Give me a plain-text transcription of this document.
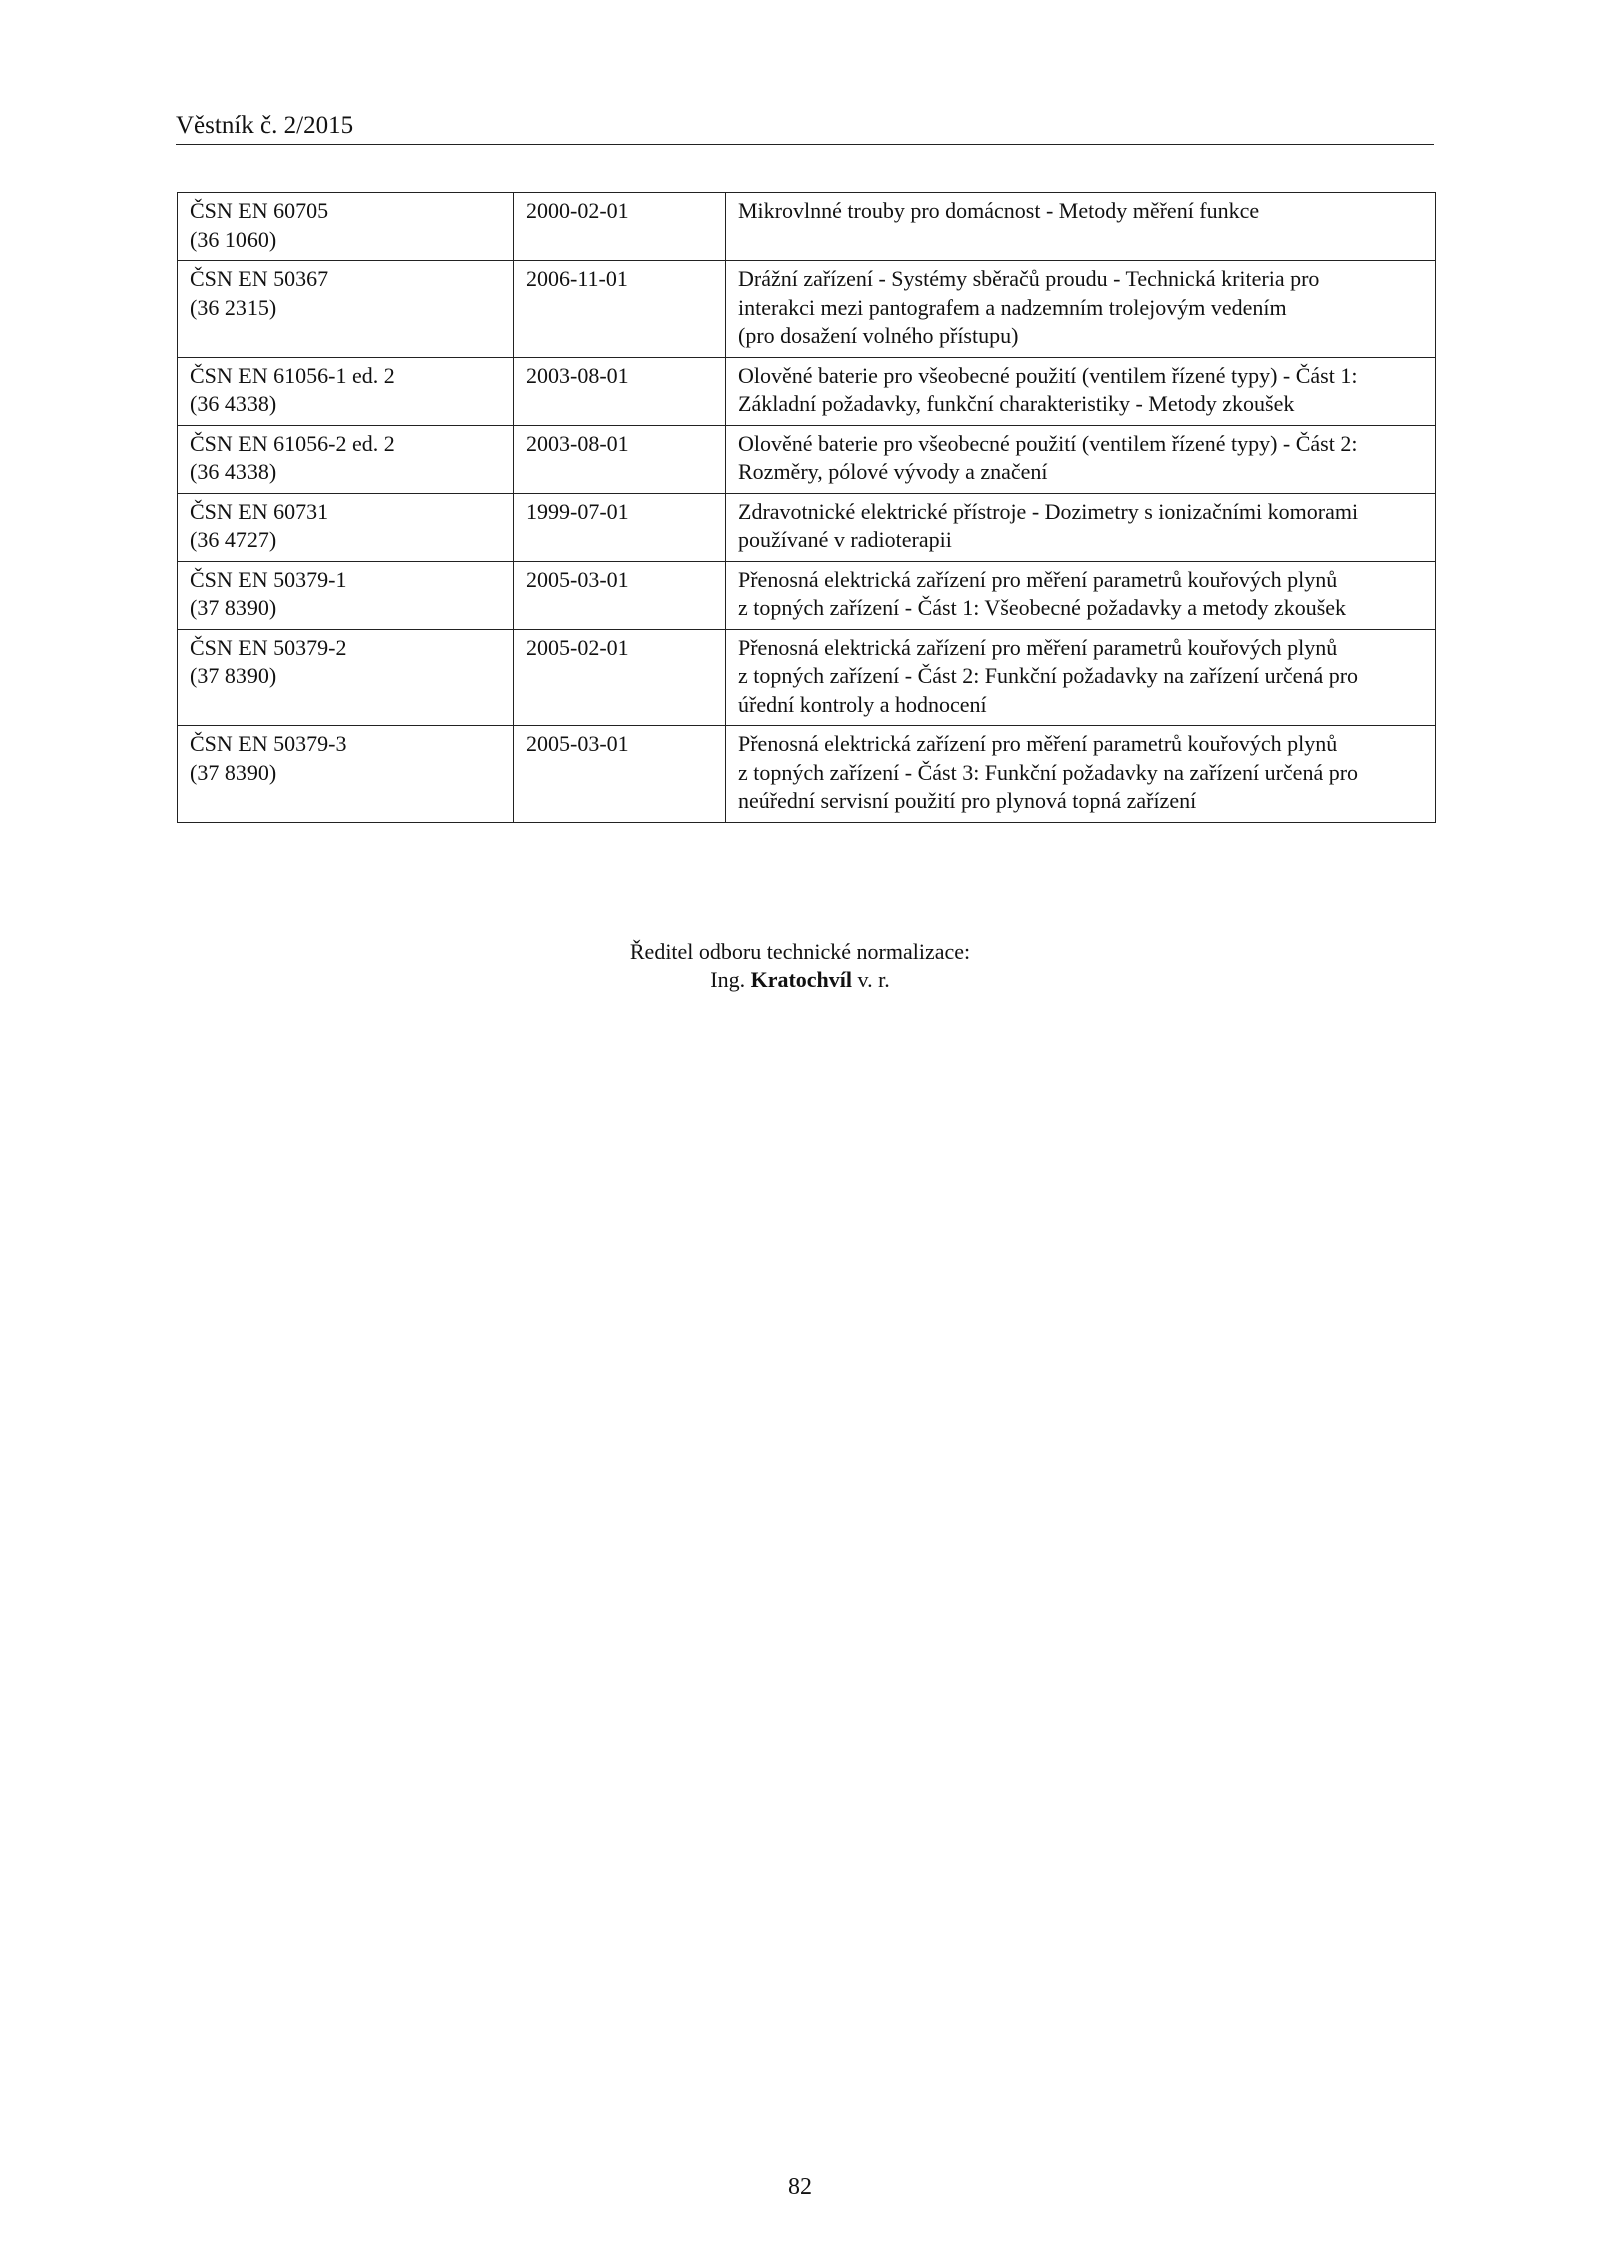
Věstník č. 2/2015
ČSN EN 60705
(36 1060)	2000-02-01	Mikrovlnné trouby pro domácnost - Metody měření funkce

ČSN EN 50367
(36 2315)	2006-11-01	Drážní zařízení - Systémy sběračů proudu - Technická kriteria pro
interakci mezi pantografem a nadzemním trolejovým vedením
(pro dosažení volného přístupu)

ČSN EN 61056-1 ed. 2
(36 4338)	2003-08-01	Olověné baterie pro všeobecné použití (ventilem řízené typy) - Část 1:
Základní požadavky, funkční charakteristiky - Metody zkoušek

ČSN EN 61056-2 ed. 2
(36 4338)	2003-08-01	Olověné baterie pro všeobecné použití (ventilem řízené typy) - Část 2:
Rozměry, pólové vývody a značení

ČSN EN 60731
(36 4727)	1999-07-01	Zdravotnické elektrické přístroje - Dozimetry s ionizačními komorami
používané v radioterapii

ČSN EN 50379-1
(37 8390)	2005-03-01	Přenosná elektrická zařízení pro měření parametrů kouřových plynů
z topných zařízení - Část 1: Všeobecné požadavky a metody zkoušek

ČSN EN 50379-2
(37 8390)	2005-02-01	Přenosná elektrická zařízení pro měření parametrů kouřových plynů
z topných zařízení - Část 2: Funkční požadavky na zařízení určená pro
úřední kontroly a hodnocení

ČSN EN 50379-3
(37 8390)	2005-03-01	Přenosná elektrická zařízení pro měření parametrů kouřových plynů
z topných zařízení - Část 3: Funkční požadavky na zařízení určená pro
neúřední servisní použití pro plynová topná zařízení
Ředitel odboru technické normalizace:
Ing. Kratochvíl v. r.
82
